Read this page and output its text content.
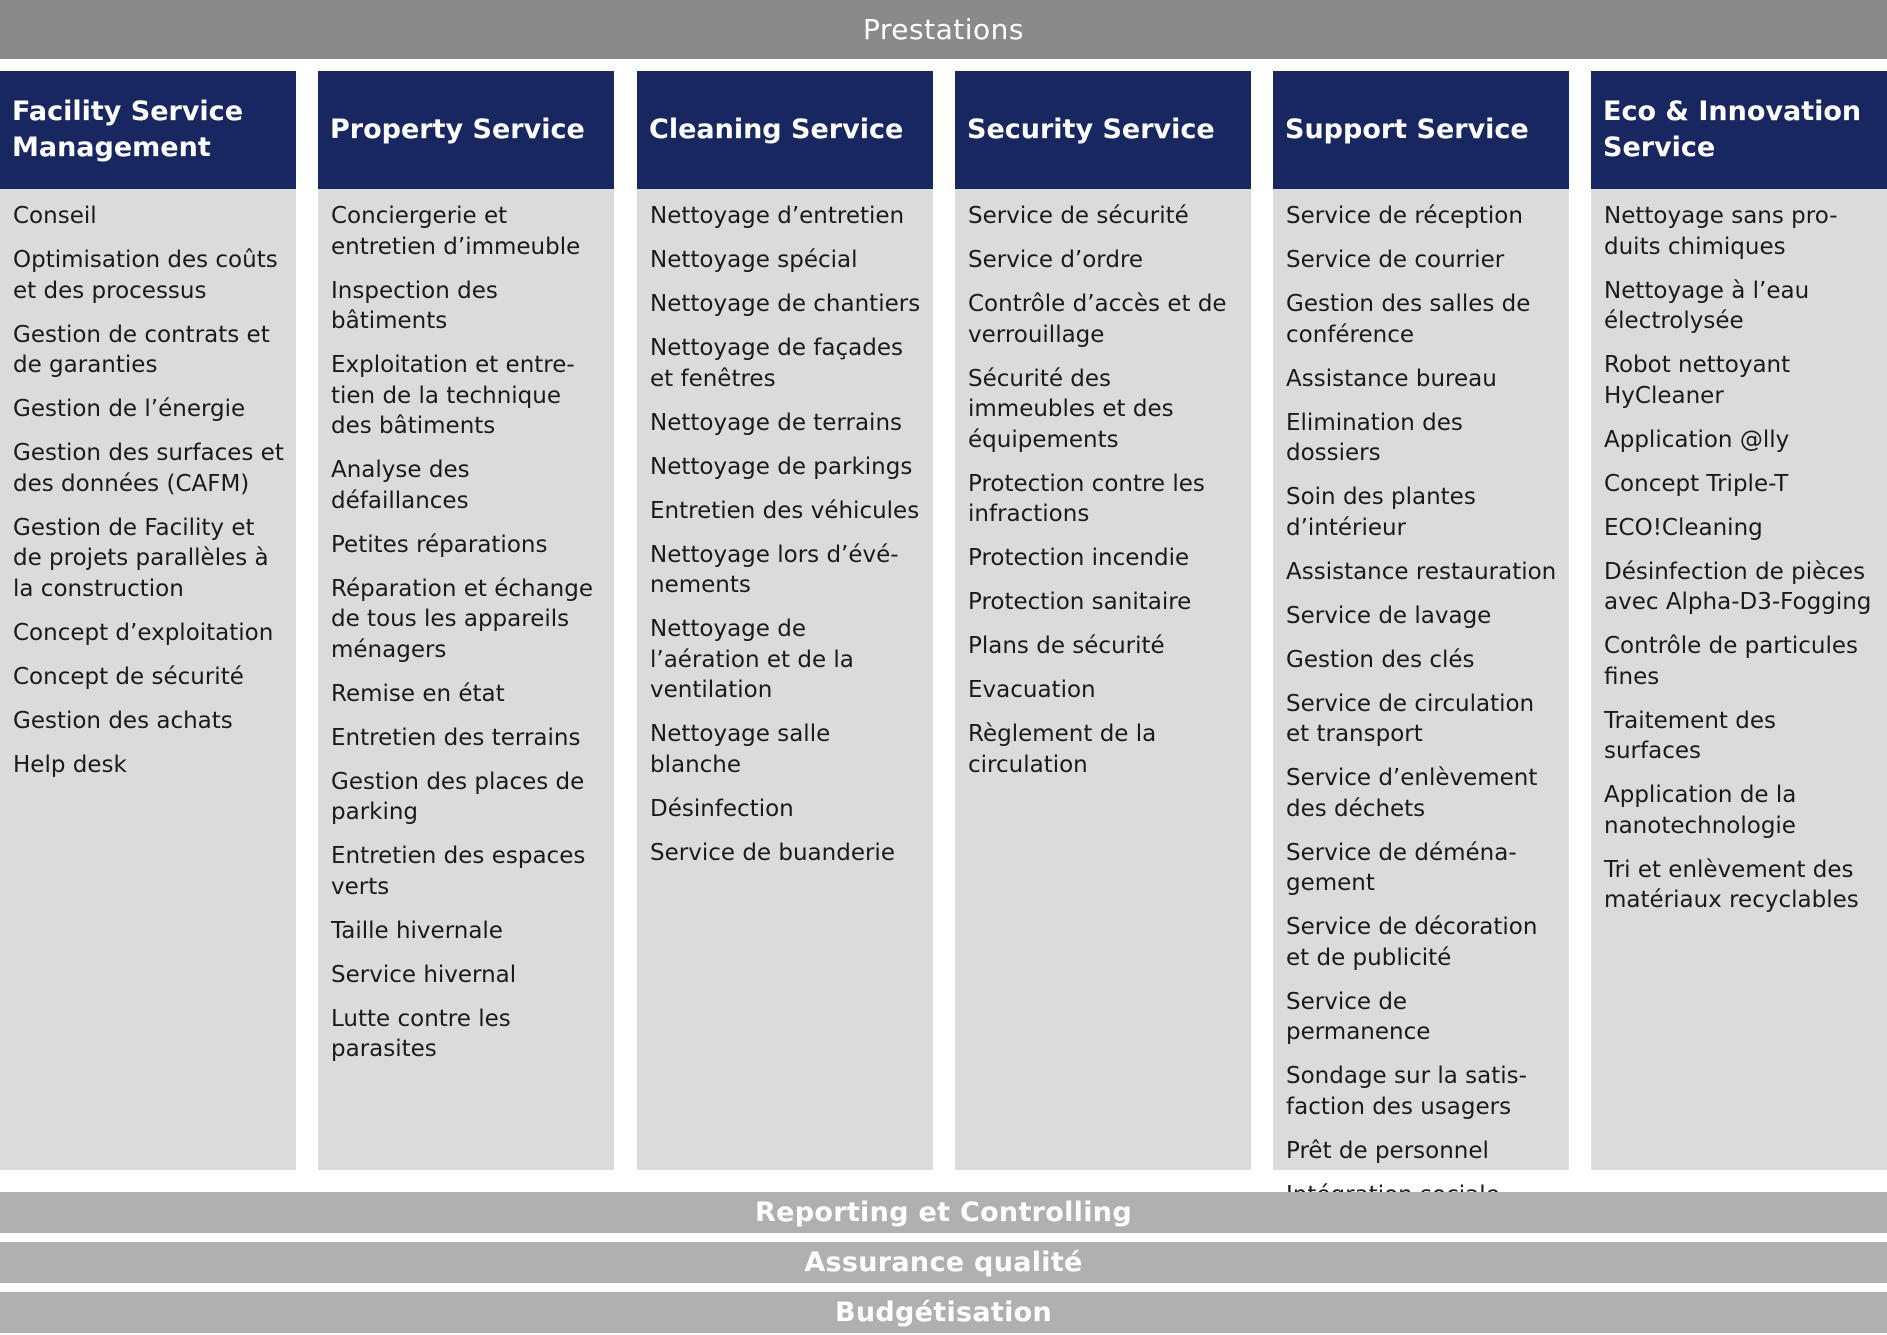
Prestations
Facility Service Management
Conseil
Optimisation des coûts et des processus
Gestion de contrats et de garanties
Gestion de l’énergie
Gestion des surfaces et des données (CAFM)
Gestion de Facility et de projets parallèles à la construction
Concept d’exploitation
Concept de sécurité
Gestion des achats
Help desk
Property Service
Conciergerie et entretien d’immeuble
Inspection des bâtiments
Exploitation et entre-tien de la technique des bâtiments
Analyse des défaillances
Petites réparations
Réparation et échange de tous les appareils ménagers
Remise en état
Entretien des terrains
Gestion des places de parking
Entretien des espaces verts
Taille hivernale
Service hivernal
Lutte contre les parasites
Cleaning Service
Nettoyage d’entretien
Nettoyage spécial
Nettoyage de chantiers
Nettoyage de façades et fenêtres
Nettoyage de terrains
Nettoyage de parkings
Entretien des véhicules
Nettoyage lors d’évé-nements
Nettoyage de l’aération et de la ventilation
Nettoyage salle blanche
Désinfection
Service de buanderie
Security Service
Service de sécurité
Service d’ordre
Contrôle d’accès et de verrouillage
Sécurité des immeubles et des équipements
Protection contre les infractions
Protection incendie
Protection sanitaire
Plans de sécurité
Evacuation
Règlement de la circulation
Support Service
Service de réception
Service de courrier
Gestion des salles de conférence
Assistance bureau
Elimination des dossiers
Soin des plantes d’intérieur
Assistance restauration
Service de lavage
Gestion des clés
Service de circulation et transport
Service d’enlèvement des déchets
Service de déména-gement
Service de décoration et de publicité
Service de permanence
Sondage sur la satis-faction des usagers
Prêt de personnel
Eco & Innovation Service
Nettoyage sans pro-duits chimiques
Nettoyage à l’eau électrolysée
Robot nettoyant HyCleaner
Application @lly
Concept Triple-T
ECO!Cleaning
Désinfection de pièces avec Alpha-D3-Fogging
Contrôle de particules fines
Traitement des surfaces
Application de la nanotechnologie
Tri et enlèvement des matériaux recyclables
Reporting et Controlling
Assurance qualité
Budgétisation
